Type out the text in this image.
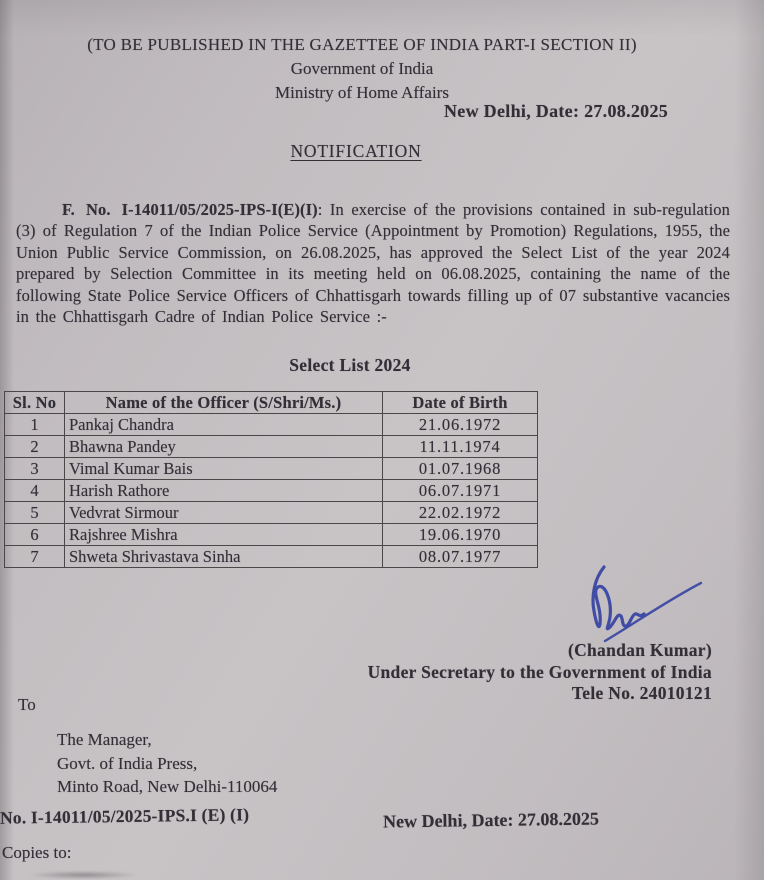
(TO BE PUBLISHED IN THE GAZETTEE OF INDIA PART-I SECTION II)
Government of India
Ministry of Home Affairs
New Delhi, Date: 27.08.2025
NOTIFICATION

F. No. I-14011/05/2025-IPS-I(E)(I): In exercise of the provisions contained in sub-regulation (3) of Regulation 7 of the Indian Police Service (Appointment by Promotion) Regulations, 1955, the Union Public Service Commission, on 26.08.2025, has approved the Select List of the year 2024 prepared by Selection Committee in its meeting held on 06.08.2025, containing the name of the following State Police Service Officers of Chhattisgarh towards filling up of 07 substantive vacancies in the Chhattisgarh Cadre of Indian Police Service :-

Select List 2024
Sl. No	Name of the Officer (S/Shri/Ms.)	Date of Birth
1	Pankaj Chandra	21.06.1972
2	Bhawna Pandey	11.11.1974
3	Vimal Kumar Bais	01.07.1968
4	Harish Rathore	06.07.1971
5	Vedvrat Sirmour	22.02.1972
6	Rajshree Mishra	19.06.1970
7	Shweta Shrivastava Sinha	08.07.1977
(Chandan Kumar)
Under Secretary to the Government of India
Tele No. 24010121
To
The Manager,
Govt. of India Press,
Minto Road, New Delhi-110064
No. I-14011/05/2025-IPS.I (E) (I)	New Delhi, Date: 27.08.2025
Copies to:
